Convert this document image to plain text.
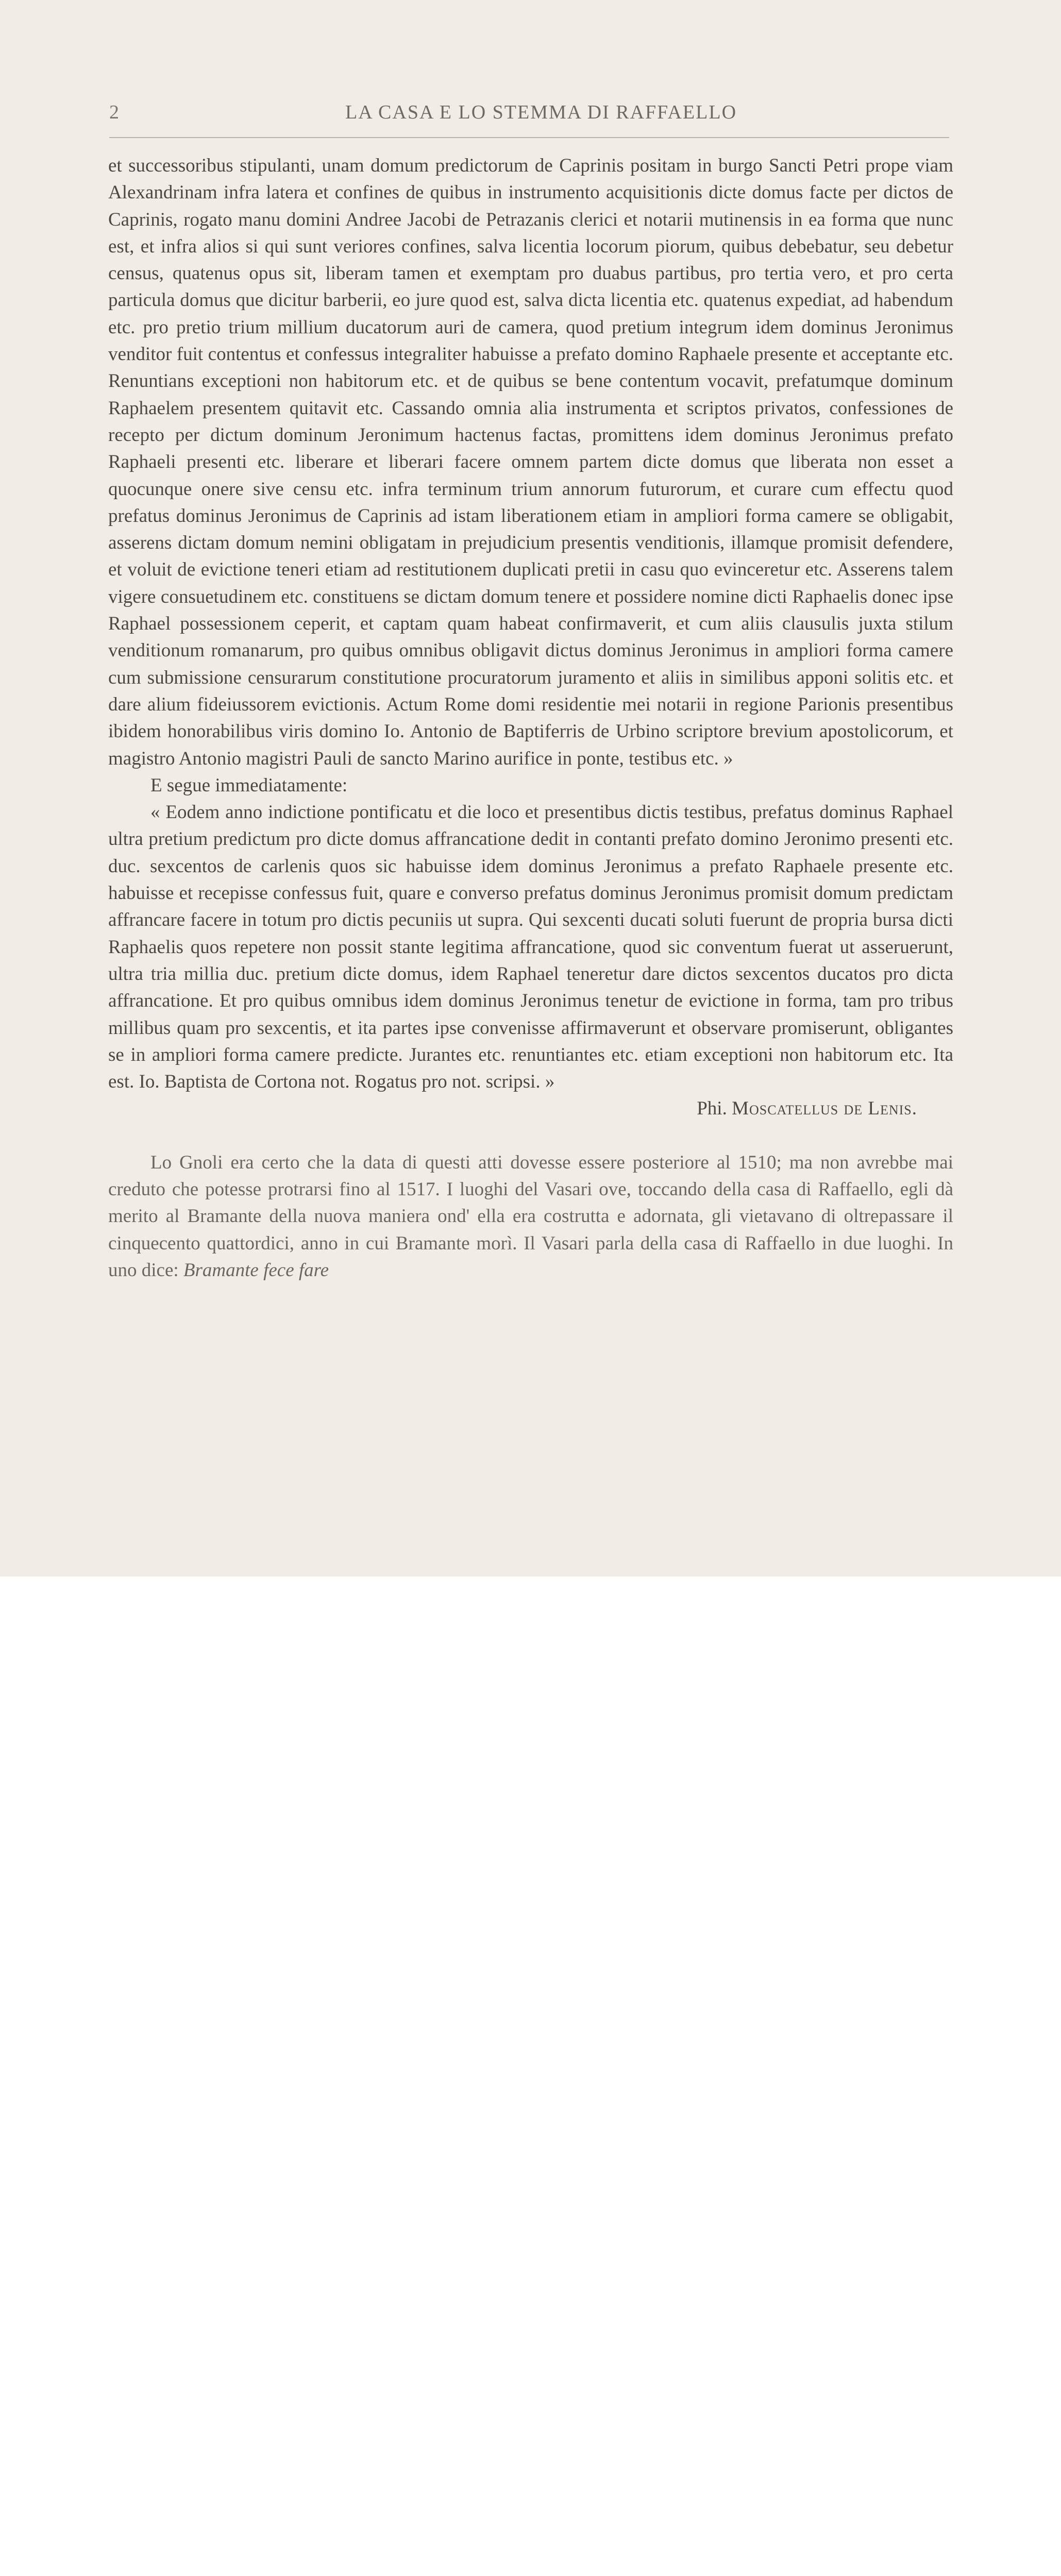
2	LA CASA E LO STEMMA DI RAFFAELLO

et successoribus stipulanti, unam domum predictorum de Caprinis positam in burgo Sancti Petri prope viam Alexandrinam infra latera et confines de quibus in instrumento acquisitionis dicte domus facte per dictos de Caprinis, rogato manu domini Andree Jacobi de Petrazanis clerici et notarii mutinensis in ea forma que nunc est, et infra alios si qui sunt veriores confines, salva licentia locorum piorum, quibus debebatur, seu debetur census, quatenus opus sit, liberam tamen et exemptam pro duabus partibus, pro tertia vero, et pro certa particula domus que dicitur barberii, eo jure quod est, salva dicta licentia etc. quatenus expediat, ad habendum etc. pro pretio trium millium ducatorum auri de camera, quod pretium integrum idem dominus Jeronimus venditor fuit contentus et confessus integraliter habuisse a prefato domino Raphaele presente et acceptante etc. Renuntians exceptioni non habitorum etc. et de quibus se bene contentum vocavit, prefatumque dominum Raphaelem presentem quitavit etc. Cassando omnia alia instrumenta et scriptos privatos, confessiones de recepto per dictum dominum Jeronimum hactenus factas, promittens idem dominus Jeronimus prefato Raphaeli presenti etc. liberare et liberari facere omnem partem dicte domus que liberata non esset a quocunque onere sive censu etc. infra terminum trium annorum futurorum, et curare cum effectu quod prefatus dominus Jeronimus de Caprinis ad istam liberationem etiam in ampliori forma camere se obligabit, asserens dictam domum nemini obligatam in prejudicium presentis venditionis, illamque promisit defendere, et voluit de evictione teneri etiam ad restitutionem duplicati pretii in casu quo evinceretur etc. Asserens talem vigere consuetudinem etc. constituens se dictam domum tenere et possidere nomine dicti Raphaelis donec ipse Raphael possessionem ceperit, et captam quam habeat confirmaverit, et cum aliis clausulis juxta stilum venditionum romanarum, pro quibus omnibus obligavit dictus dominus Jeronimus in ampliori forma camere cum submissione censurarum constitutione procuratorum juramento et aliis in similibus apponi solitis etc. et dare alium fideiussorem evictionis. Actum Rome domi residentie mei notarii in regione Parionis presentibus ibidem honorabilibus viris domino Io. Antonio de Baptiferris de Urbino scriptore brevium apostolicorum, et magistro Antonio magistri Pauli de sancto Marino aurifice in ponte, testibus etc. »

E segue immediatamente:

« Eodem anno indictione pontificatu et die loco et presentibus dictis testibus, prefatus dominus Raphael ultra pretium predictum pro dicte domus affrancatione dedit in contanti prefato domino Jeronimo presenti etc. duc. sexcentos de carlenis quos sic habuisse idem dominus Jeronimus a prefato Raphaele presente etc. habuisse et recepisse confessus fuit, quare e converso prefatus dominus Jeronimus promisit domum predictam affrancare facere in totum pro dictis pecuniis ut supra. Qui sexcenti ducati soluti fuerunt de propria bursa dicti Raphaelis quos repetere non possit stante legitima affrancatione, quod sic conventum fuerat ut asseruerunt, ultra tria millia duc. pretium dicte domus, idem Raphael teneretur dare dictos sexcentos ducatos pro dicta affrancatione. Et pro quibus omnibus idem dominus Jeronimus tenetur de evictione in forma, tam pro tribus millibus quam pro sexcentis, et ita partes ipse convenisse affirmaverunt et observare promiserunt, obligantes se in ampliori forma camere predicte. Jurantes etc. renuntiantes etc. etiam exceptioni non habitorum etc. Ita est. Io. Baptista de Cortona not. Rogatus pro not. scripsi. »

Phi. Moscatellus de Lenis.

Lo Gnoli era certo che la data di questi atti dovesse essere posteriore al 1510; ma non avrebbe mai creduto che potesse protrarsi fino al 1517. I luoghi del Vasari ove, toccando della casa di Raffaello, egli dà merito al Bramante della nuova maniera ond' ella era costrutta e adornata, gli vietavano di oltrepassare il cinquecento quattordici, anno in cui Bramante morì. Il Vasari parla della casa di Raffaello in due luoghi. In uno dice: Bramante fece fare
